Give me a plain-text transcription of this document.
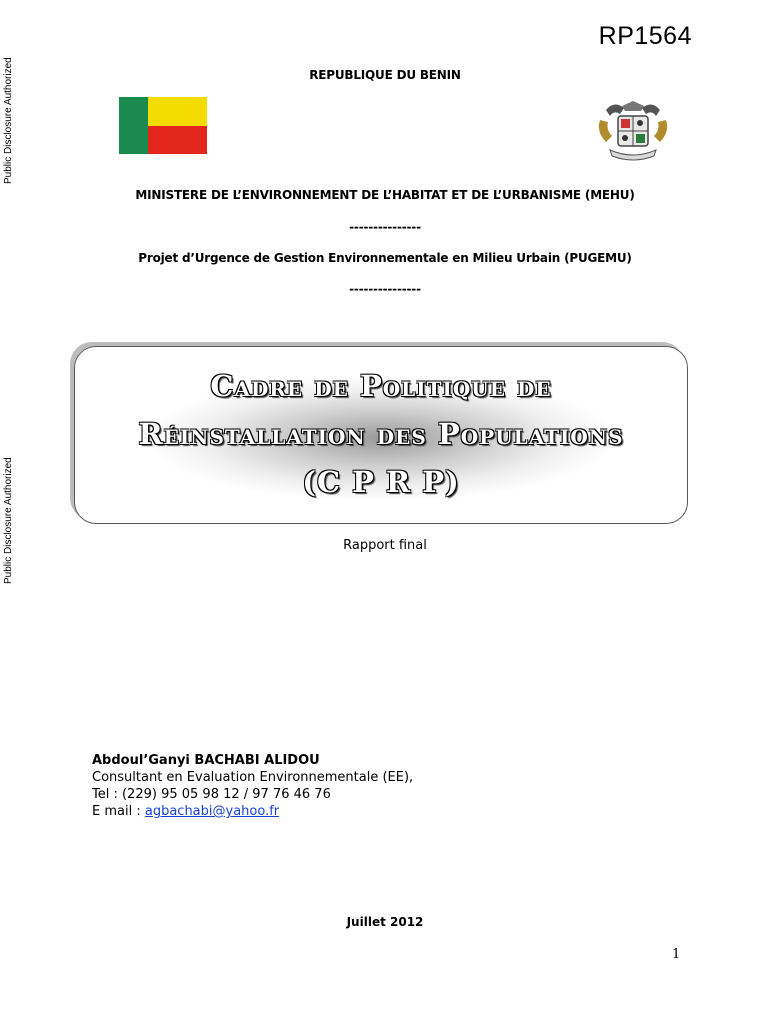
Public Disclosure Authorized
Public Disclosure Authorized
RP1564
REPUBLIQUE DU BENIN
MINISTERE DE L’ENVIRONNEMENT DE L’HABITAT ET DE L’URBANISME (MEHU)
---------------
Projet d’Urgence de Gestion Environnementale en Milieu Urbain (PUGEMU)
---------------
Cadre de Politique de
Réinstallation des Populations
(C P R P)
Rapport final
Abdoul’Ganyi BACHABI ALIDOU
Consultant en Evaluation Environnementale (EE),
Tel : (229) 95 05 98 12 / 97 76 46 76
E mail : agbachabi@yahoo.fr
Juillet 2012
1
